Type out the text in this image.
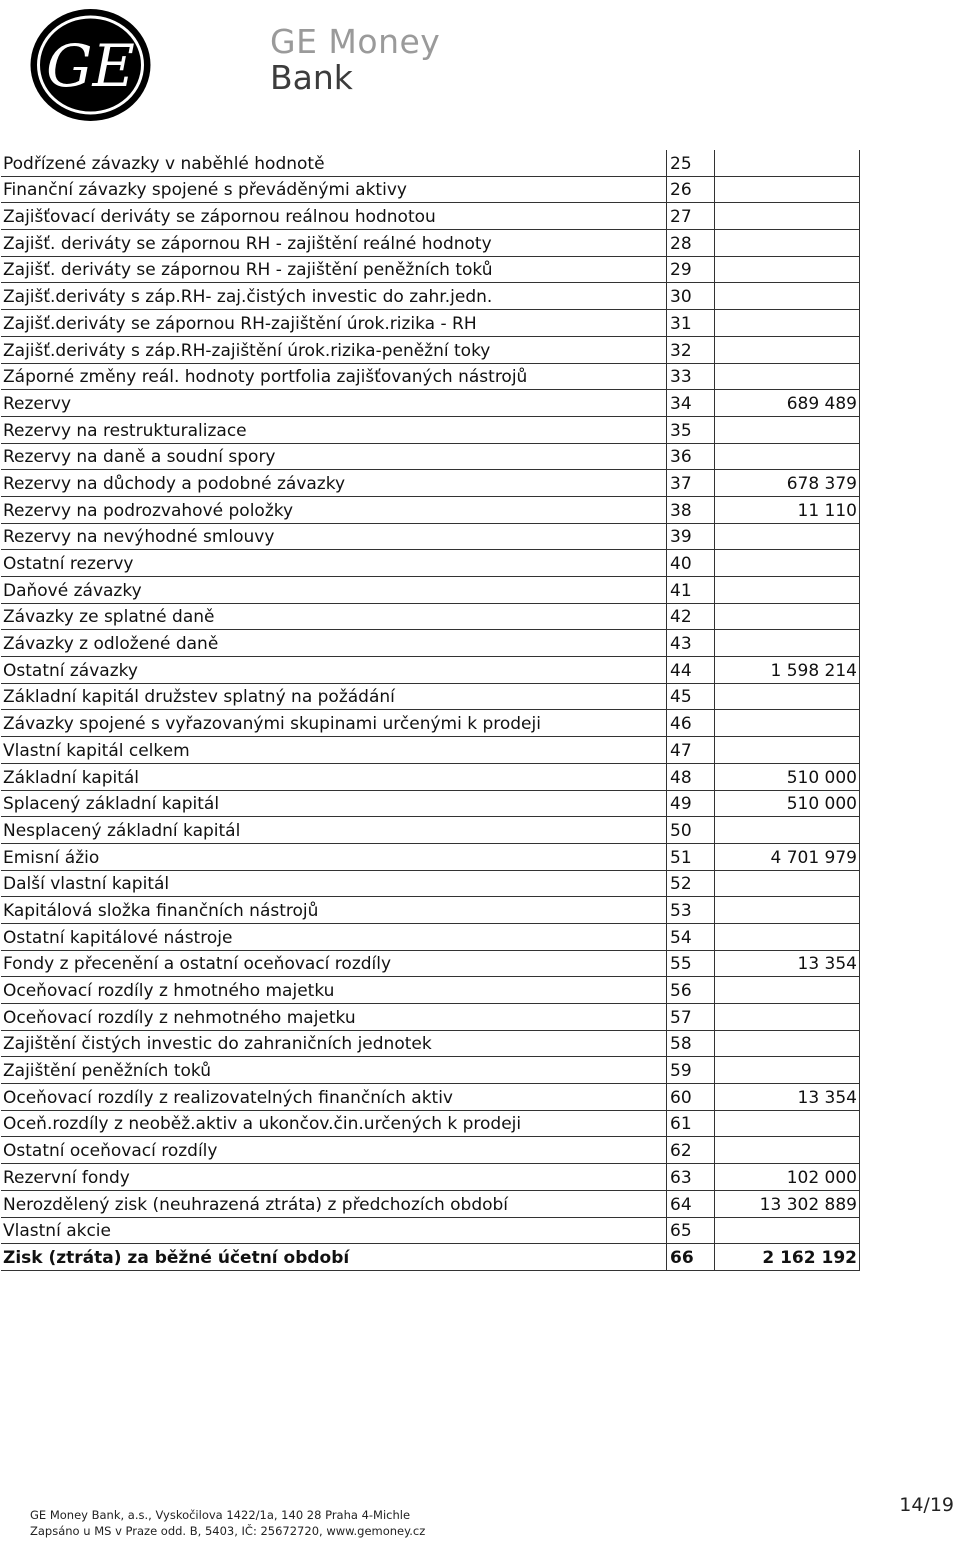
GE	GE Money
Bank
Podřízené závazky v naběhlé hodnotě	25	
Finanční závazky spojené s převáděnými aktivy	26	
Zajišťovací deriváty se zápornou reálnou hodnotou	27	
Zajišť. deriváty se zápornou RH - zajištění reálné hodnoty	28	
Zajišť. deriváty se zápornou RH - zajištění peněžních toků	29	
Zajišť.deriváty s záp.RH- zaj.čistých investic do zahr.jedn.	30	
Zajišť.deriváty se zápornou RH-zajištění úrok.rizika - RH	31	
Zajišť.deriváty s záp.RH-zajištění úrok.rizika-peněžní toky	32	
Záporné změny reál. hodnoty portfolia zajišťovaných nástrojů	33	
Rezervy	34	689 489
Rezervy na restrukturalizace	35	
Rezervy na daně a soudní spory	36	
Rezervy na důchody a podobné závazky	37	678 379
Rezervy na podrozvahové položky	38	11 110
Rezervy na nevýhodné smlouvy	39	
Ostatní rezervy	40	
Daňové závazky	41	
Závazky ze splatné daně	42	
Závazky z odložené daně	43	
Ostatní závazky	44	1 598 214
Základní kapitál družstev splatný na požádání	45	
Závazky spojené s vyřazovanými skupinami určenými k prodeji	46	
Vlastní kapitál celkem	47	
Základní kapitál	48	510 000
Splacený základní kapitál	49	510 000
Nesplacený základní kapitál	50	
Emisní ážio	51	4 701 979
Další vlastní kapitál	52	
Kapitálová složka finančních nástrojů	53	
Ostatní kapitálové nástroje	54	
Fondy z přecenění a ostatní oceňovací rozdíly	55	13 354
Oceňovací rozdíly z hmotného majetku	56	
Oceňovací rozdíly z nehmotného majetku	57	
Zajištění čistých investic do zahraničních jednotek	58	
Zajištění peněžních toků	59	
Oceňovací rozdíly z realizovatelných finančních aktiv	60	13 354
Oceň.rozdíly z neoběž.aktiv a ukončov.čin.určených k prodeji	61	
Ostatní oceňovací rozdíly	62	
Rezervní fondy	63	102 000
Nerozdělený zisk (neuhrazená ztráta) z předchozích období	64	13 302 889
Vlastní akcie	65	
Zisk (ztráta) za běžné účetní období	66	2 162 192
GE Money Bank, a.s., Vyskočilova 1422/1a, 140 28 Praha 4-Michle
Zapsáno u MS v Praze odd. B, 5403, IČ: 25672720, www.gemoney.cz
14/19
